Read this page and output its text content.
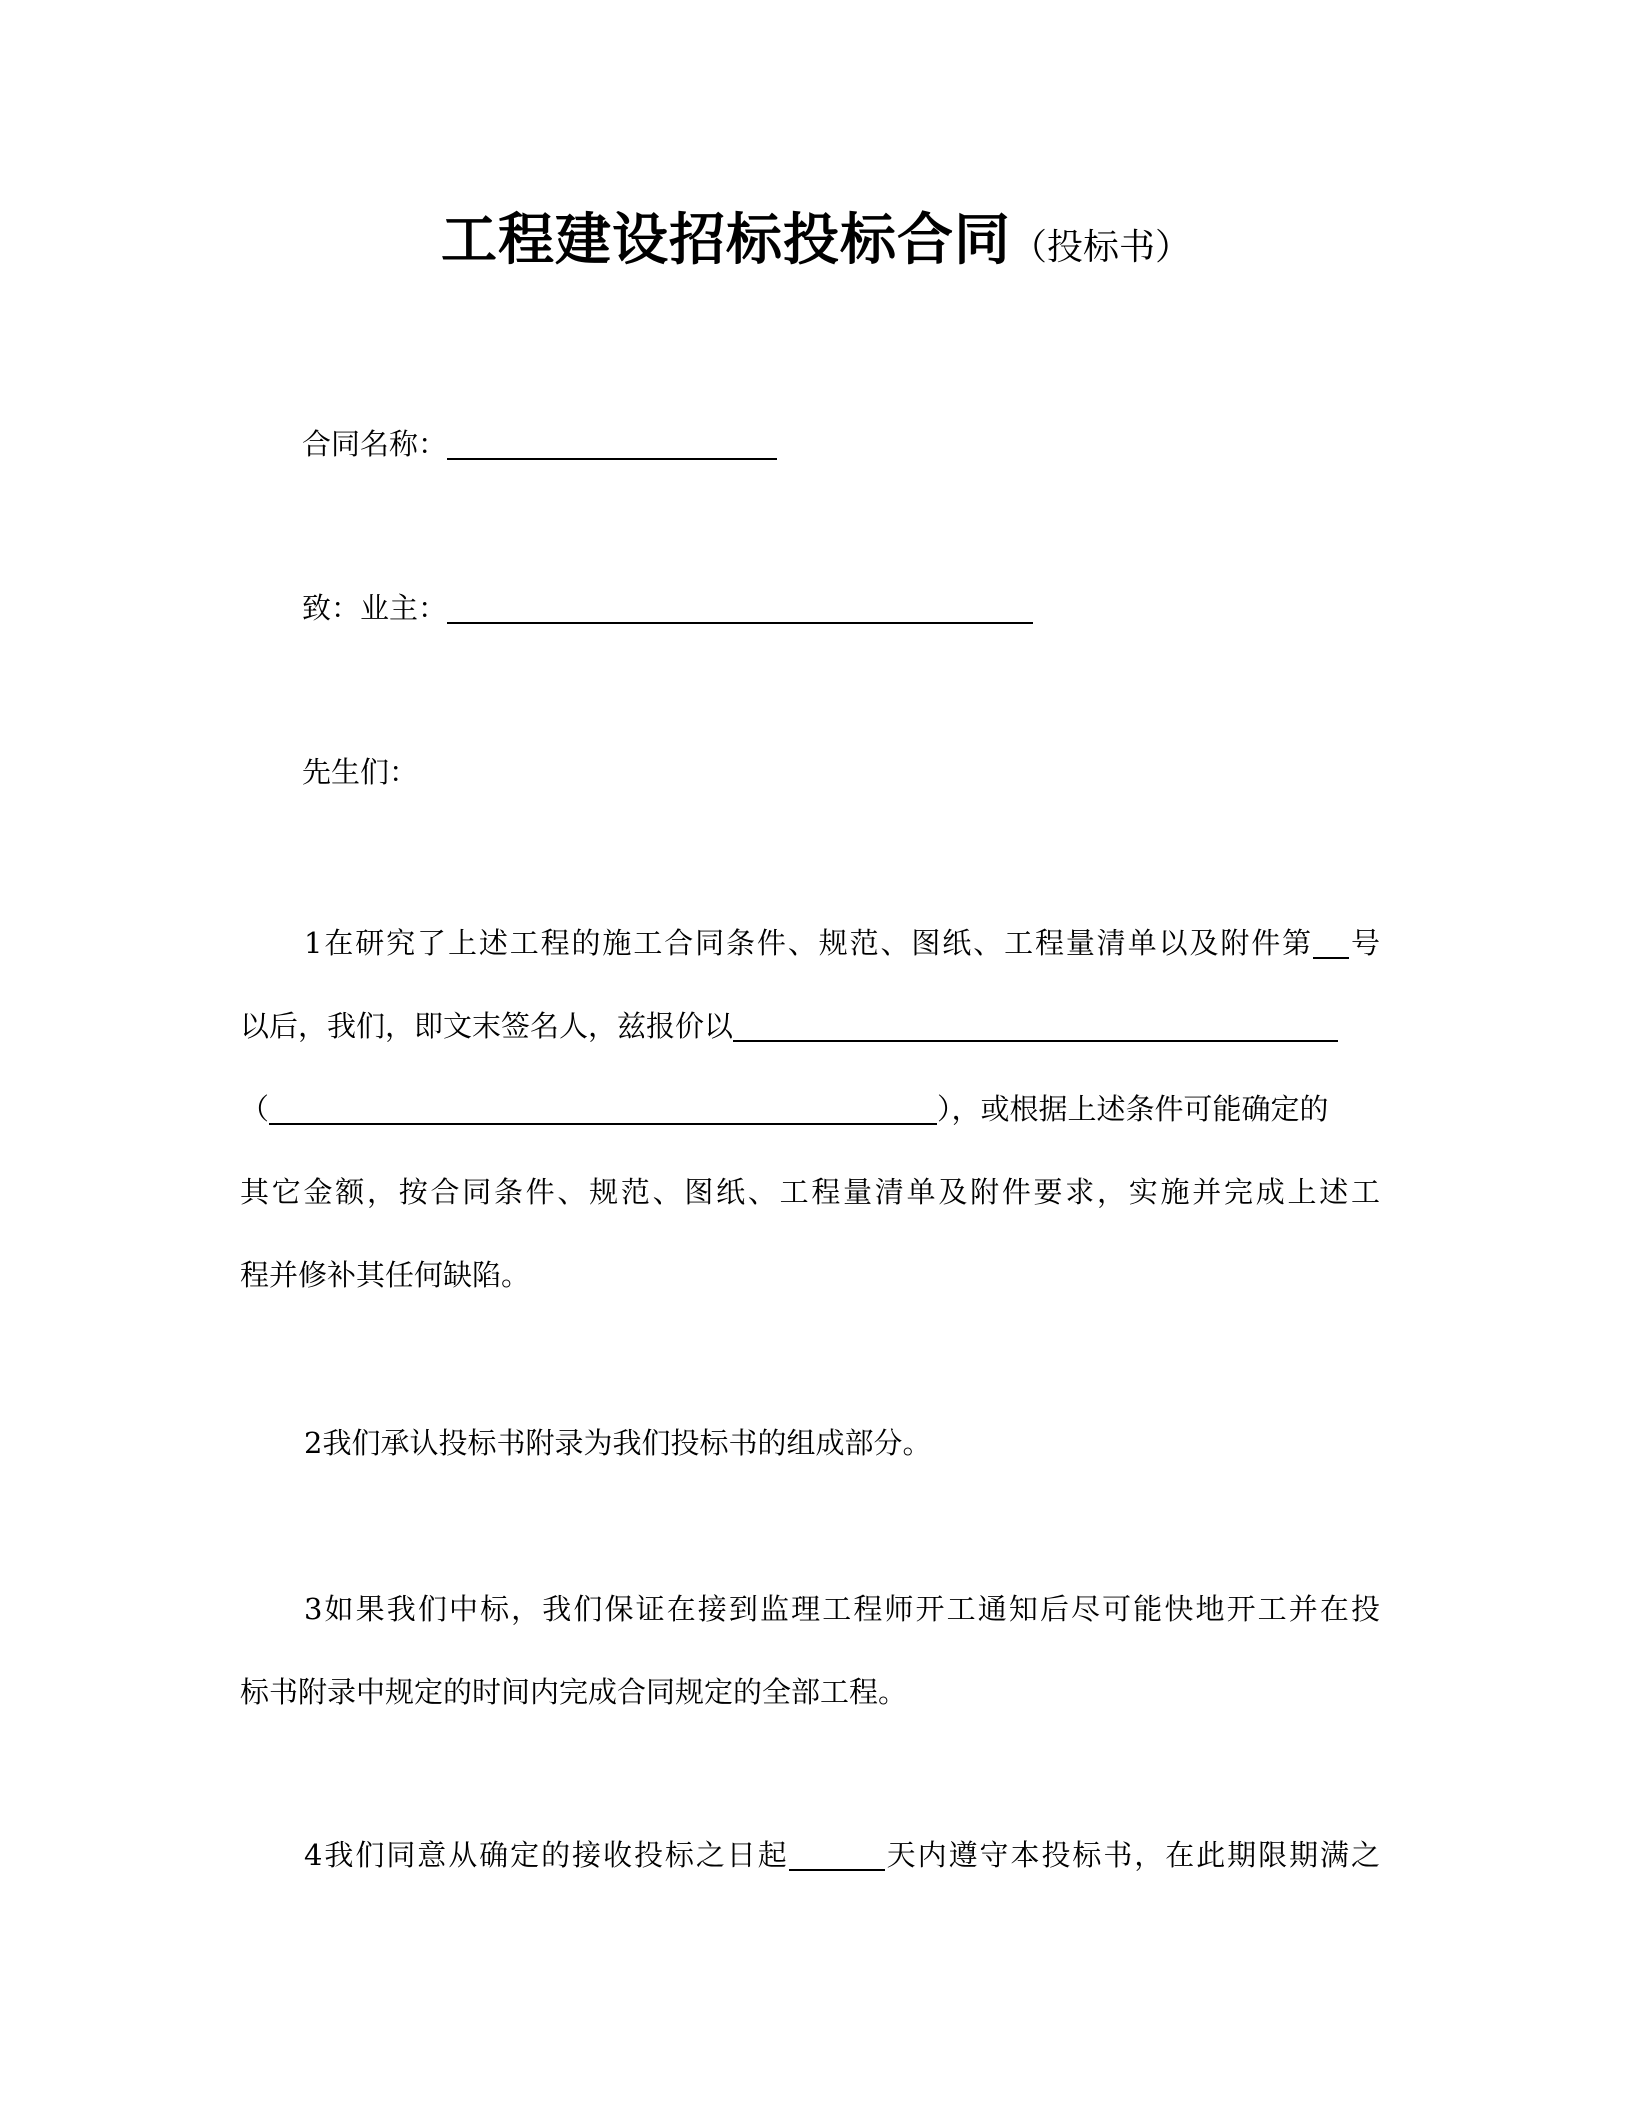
工程建设招标投标合同（投标书）
合同名称：
致：业主：
先生们：
1在研究了上述工程的施工合同条件、规范、图纸、工程量清单以及附件第 号
以后，我们，即文末签名人，兹报价以
（	），或根据上述条件可能确定的
其它金额，按合同条件、规范、图纸、工程量清单及附件要求，实施并完成上述工
程并修补其任何缺陷。
2我们承认投标书附录为我们投标书的组成部分。
3如果我们中标，我们保证在接到监理工程师开工通知后尽可能快地开工并在投
标书附录中规定的时间内完成合同规定的全部工程。
4我们同意从确定的接收投标之日起	天内遵守本投标书，在此期限期满之
